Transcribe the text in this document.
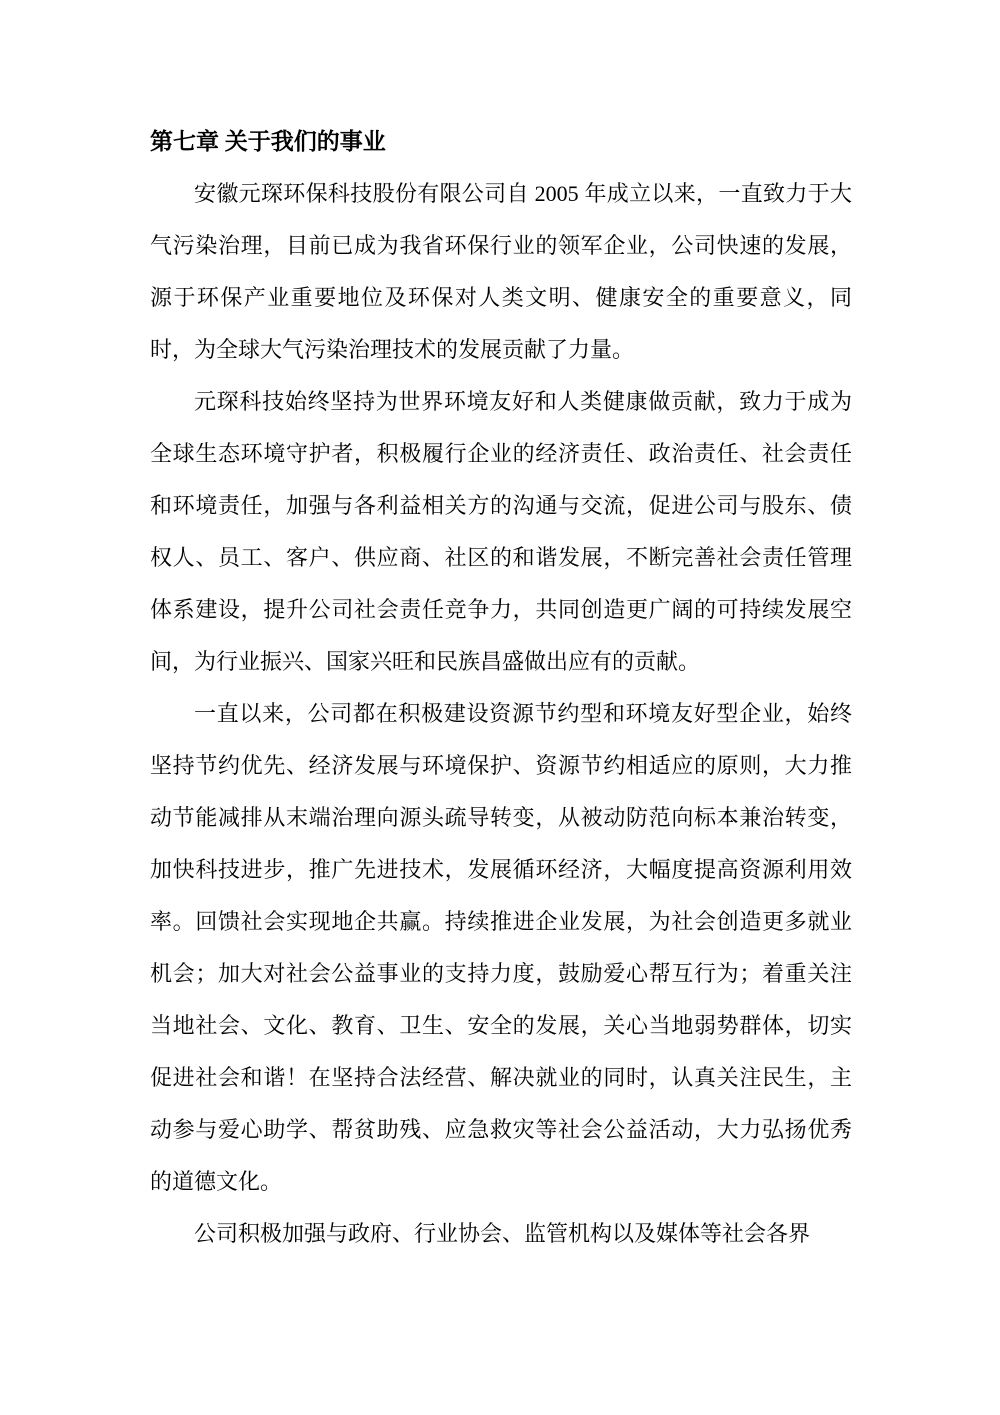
第七章 关于我们的事业

安徽元琛环保科技股份有限公司自 2005 年成立以来，一直致力于大气污染治理，目前已成为我省环保行业的领军企业，公司快速的发展，源于环保产业重要地位及环保对人类文明、健康安全的重要意义，同时，为全球大气污染治理技术的发展贡献了力量。

元琛科技始终坚持为世界环境友好和人类健康做贡献，致力于成为全球生态环境守护者，积极履行企业的经济责任、政治责任、社会责任和环境责任，加强与各利益相关方的沟通与交流，促进公司与股东、债权人、员工、客户、供应商、社区的和谐发展，不断完善社会责任管理体系建设，提升公司社会责任竞争力，共同创造更广阔的可持续发展空间，为行业振兴、国家兴旺和民族昌盛做出应有的贡献。

一直以来，公司都在积极建设资源节约型和环境友好型企业，始终坚持节约优先、经济发展与环境保护、资源节约相适应的原则，大力推动节能减排从末端治理向源头疏导转变，从被动防范向标本兼治转变，加快科技进步，推广先进技术，发展循环经济，大幅度提高资源利用效率。回馈社会实现地企共赢。持续推进企业发展，为社会创造更多就业机会；加大对社会公益事业的支持力度，鼓励爱心帮互行为；着重关注当地社会、文化、教育、卫生、安全的发展，关心当地弱势群体，切实促进社会和谐！在坚持合法经营、解决就业的同时，认真关注民生，主动参与爱心助学、帮贫助残、应急救灾等社会公益活动，大力弘扬优秀的道德文化。

公司积极加强与政府、行业协会、监管机构以及媒体等社会各界
